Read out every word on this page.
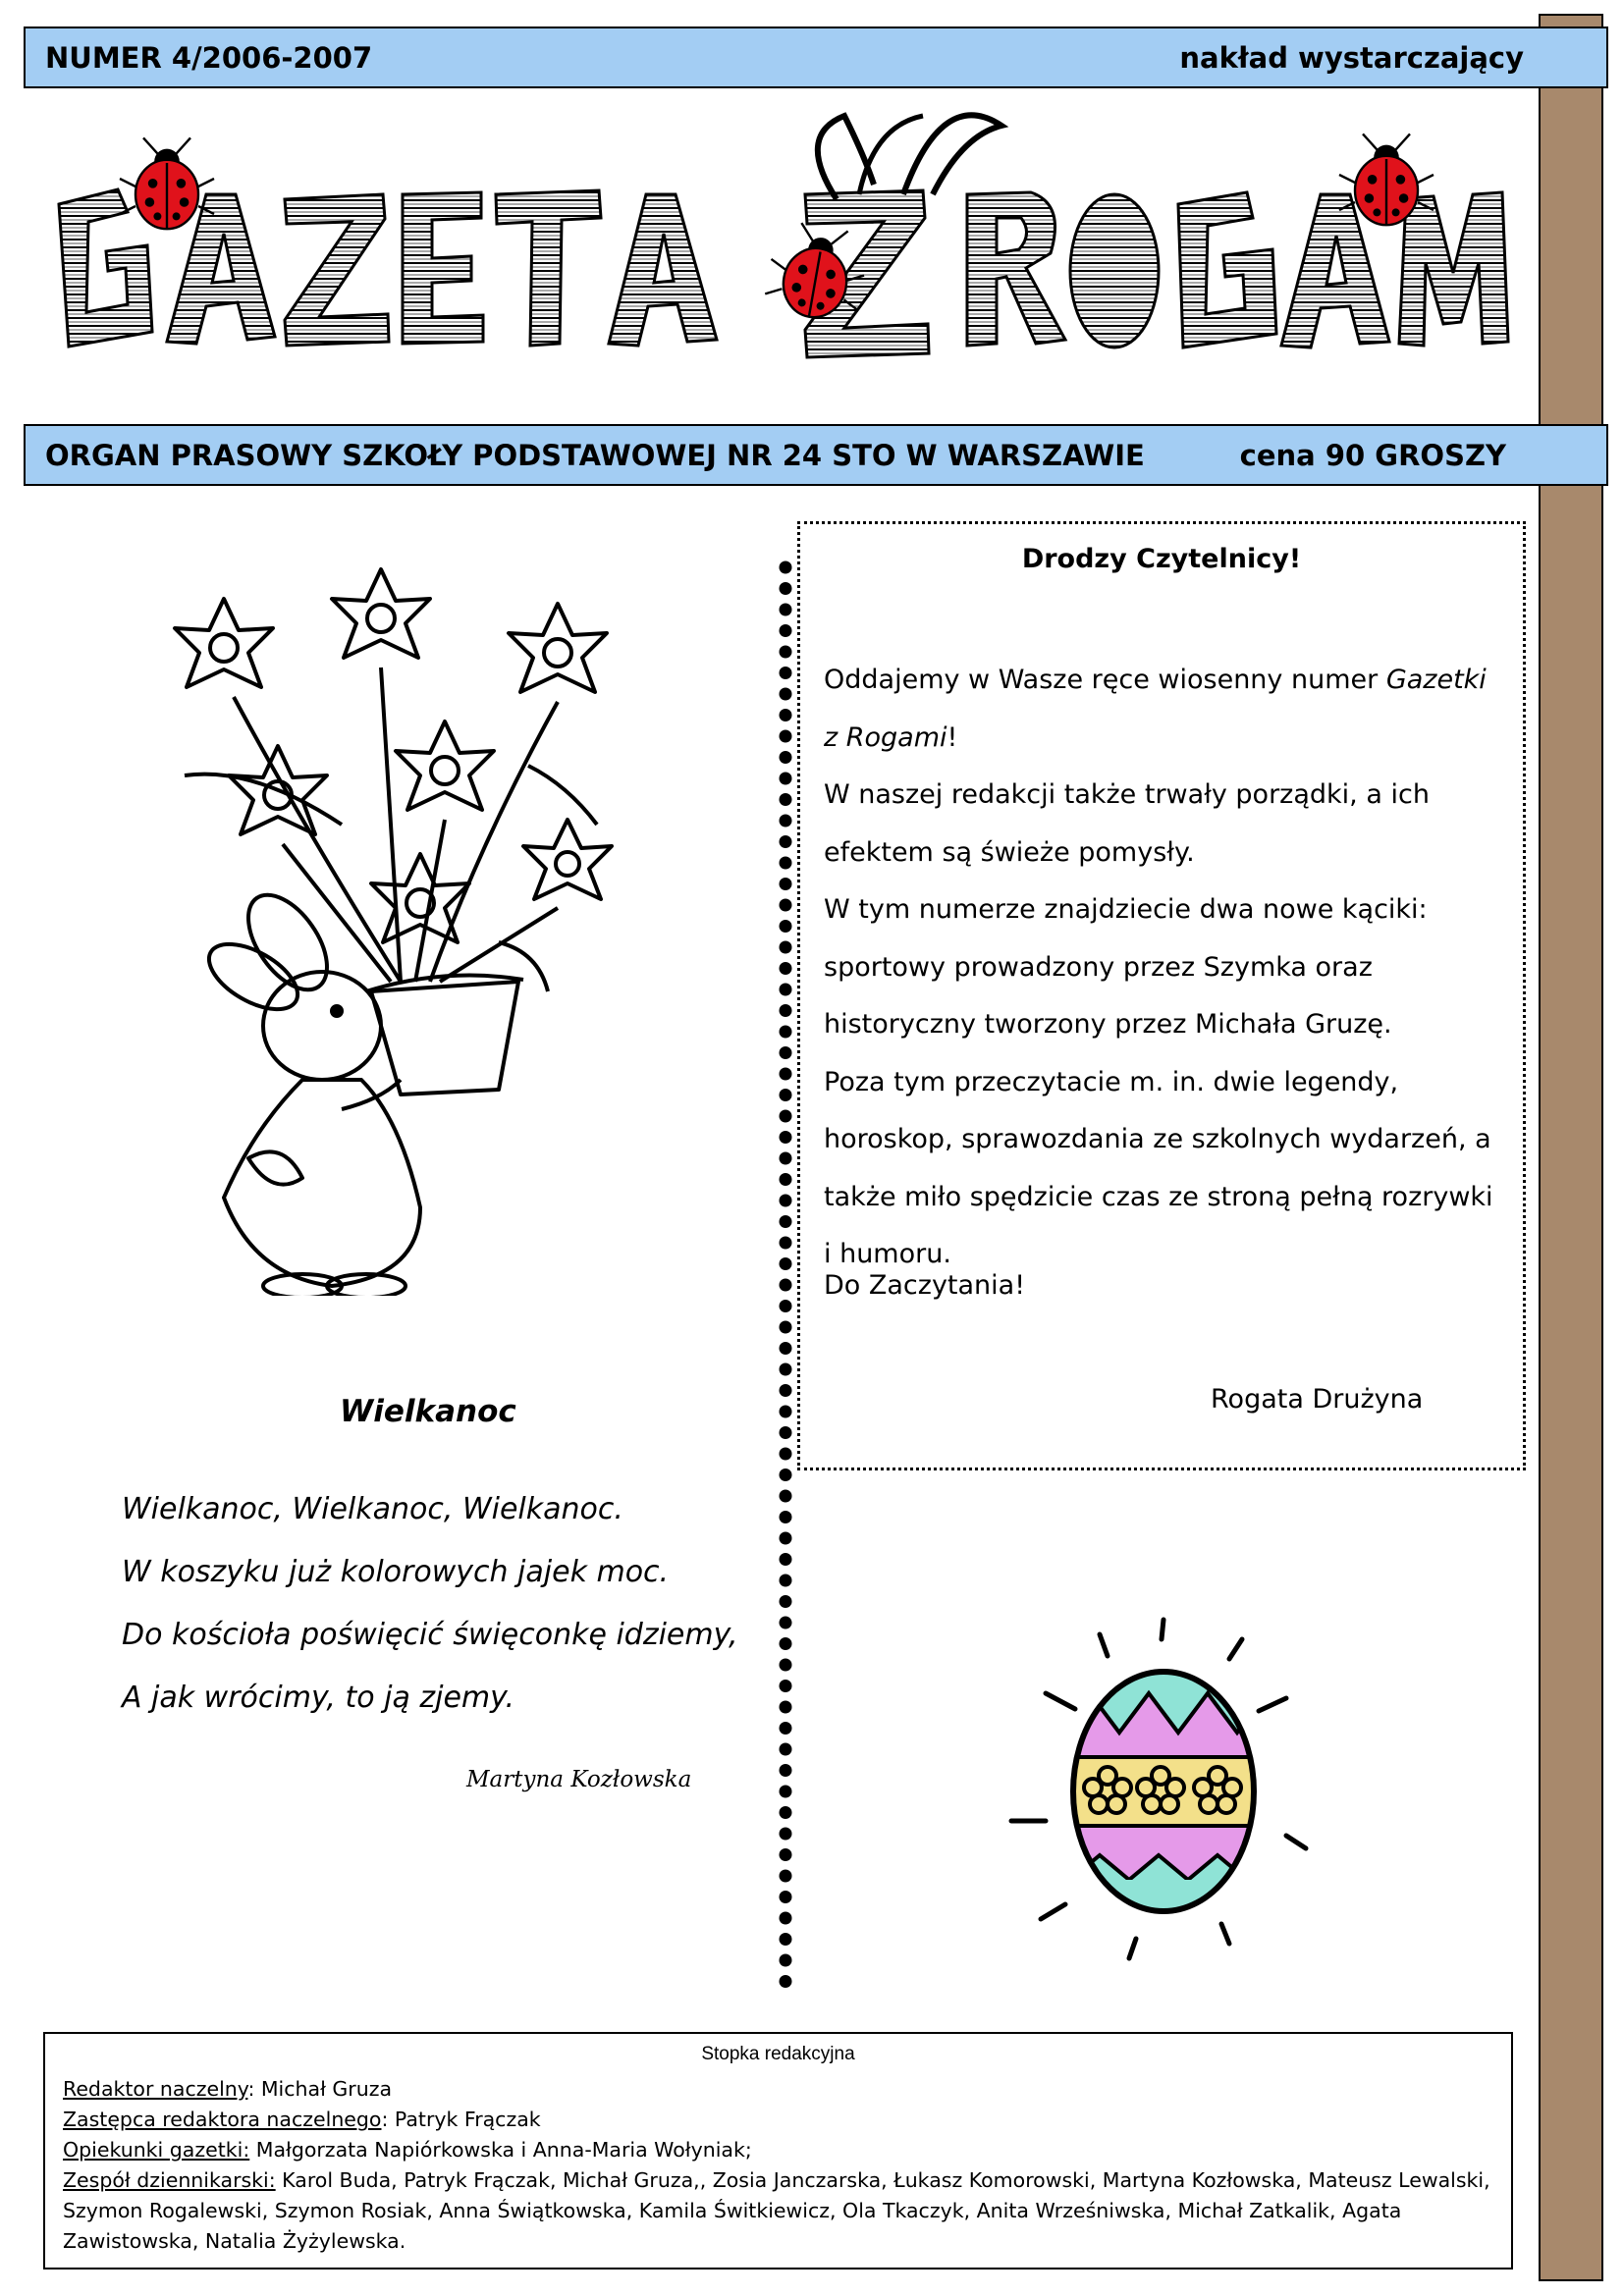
NUMER 4/2006-2007	nakład wystarczający
ORGAN PRASOWY SZKOŁY PODSTAWOWEJ NR 24 STO W WARSZAWIE	cena 90 GROSZY
Drodzy Czytelnicy!

Oddajemy w Wasze ręce wiosenny numer Gazetki z Rogami!

W naszej redakcji także trwały porządki, a ich efektem są świeże pomysły.

W tym numerze znajdziecie dwa nowe kąciki: sportowy prowadzony przez Szymka oraz historyczny tworzony przez Michała Gruzę.

Poza tym przeczytacie m. in. dwie legendy, horoskop, sprawozdania ze szkolnych wydarzeń, a także miło spędzicie czas ze stroną pełną rozrywki i humoru.

Do Zaczytania!
Rogata Drużyna
Wielkanoc

Wielkanoc, Wielkanoc, Wielkanoc.

W koszyku już kolorowych jajek moc.

Do kościoła poświęcić święconkę idziemy,

A jak wrócimy, to ją zjemy.

Martyna Kozłowska
Stopka redakcyjna

Redaktor naczelny: Michał Gruza

Zastępca redaktora naczelnego: Patryk Frączak

Opiekunki gazetki: Małgorzata Napiórkowska i Anna-Maria Wołyniak;

Zespół dziennikarski: Karol Buda, Patryk Frączak, Michał Gruza,, Zosia Janczarska, Łukasz Komorowski, Martyna Kozłowska, Mateusz Lewalski, Szymon Rogalewski, Szymon Rosiak, Anna Świątkowska, Kamila Świtkiewicz, Ola Tkaczyk, Anita Wrześniwska, Michał Zatkalik, Agata Zawistowska, Natalia Żyżylewska.
